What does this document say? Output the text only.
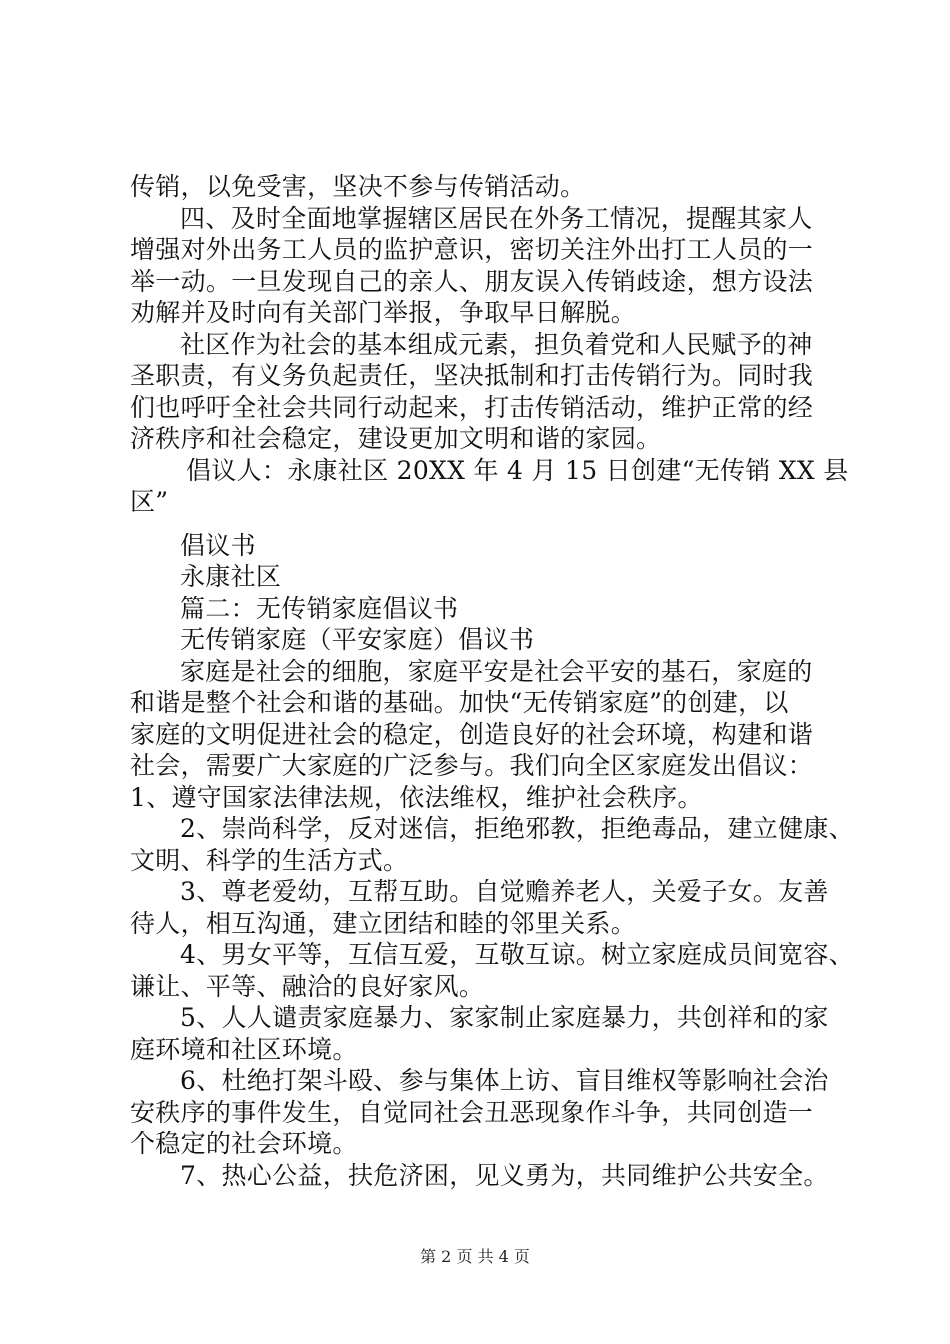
传销，以免受害，坚决不参与传销活动。
四、及时全面地掌握辖区居民在外务工情况，提醒其家人
增强对外出务工人员的监护意识，密切关注外出打工人员的一
举一动。一旦发现自己的亲人、朋友误入传销歧途，想方设法
劝解并及时向有关部门举报，争取早日解脱。
社区作为社会的基本组成元素，担负着党和人民赋予的神
圣职责，有义务负起责任，坚决抵制和打击传销行为。同时我
们也呼吁全社会共同行动起来，打击传销活动，维护正常的经
济秩序和社会稳定，建设更加文明和谐的家园。
倡议人：永康社区 20XX 年 4 月 15 日创建“无传销 XX 县
区”
倡议书
永康社区
篇二：无传销家庭倡议书
无传销家庭（平安家庭）倡议书
家庭是社会的细胞，家庭平安是社会平安的基石，家庭的
和谐是整个社会和谐的基础。加快“无传销家庭”的创建，以
家庭的文明促进社会的稳定，创造良好的社会环境，构建和谐
社会，需要广大家庭的广泛参与。我们向全区家庭发出倡议：
1、遵守国家法律法规，依法维权，维护社会秩序。
2、崇尚科学，反对迷信，拒绝邪教，拒绝毒品，建立健康、
文明、科学的生活方式。
3、尊老爱幼，互帮互助。自觉赡养老人，关爱子女。友善
待人，相互沟通，建立团结和睦的邻里关系。
4、男女平等，互信互爱，互敬互谅。树立家庭成员间宽容、
谦让、平等、融洽的良好家风。
5、人人谴责家庭暴力、家家制止家庭暴力，共创祥和的家
庭环境和社区环境。
6、杜绝打架斗殴、参与集体上访、盲目维权等影响社会治
安秩序的事件发生，自觉同社会丑恶现象作斗争，共同创造一
个稳定的社会环境。
7、热心公益，扶危济困，见义勇为，共同维护公共安全。
第 2 页 共 4 页
